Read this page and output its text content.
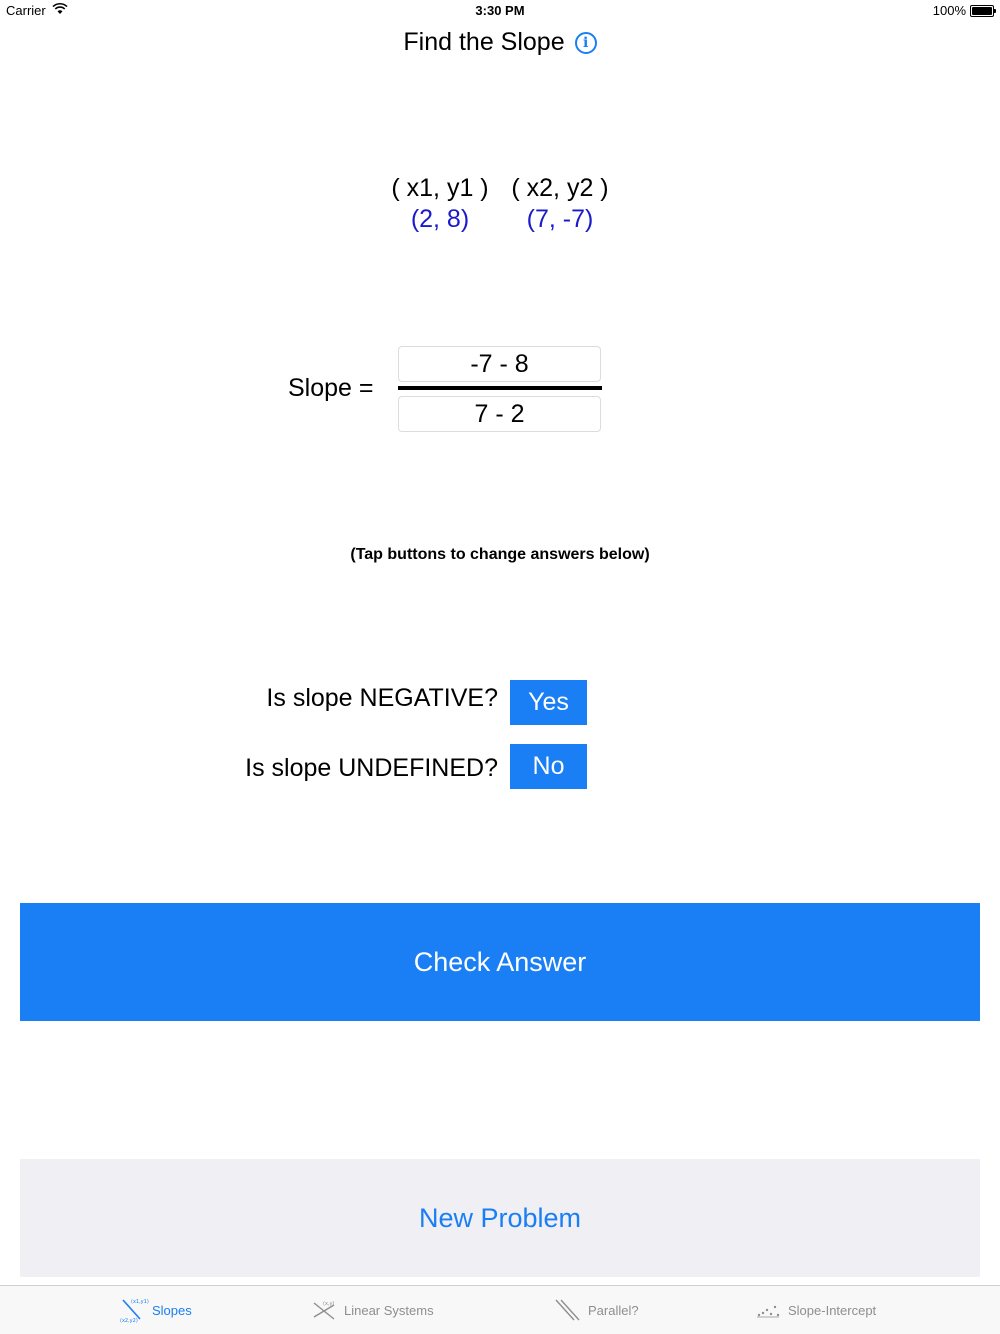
Carrier	3:30 PM	100%
Find the Slope	i
( x1, y1 )
(2, 8)
( x2, y2 )
(7, -7)
Slope =
-7 - 8
7 - 2
(Tap buttons to change answers below)
Is slope NEGATIVE?	Yes
Is slope UNDEFINED?	No
Check Answer
New Problem
(x1,y1)
(x2,y2)
Slopes	(x,y) Linear Systems	Parallel?	Slope-Intercept
